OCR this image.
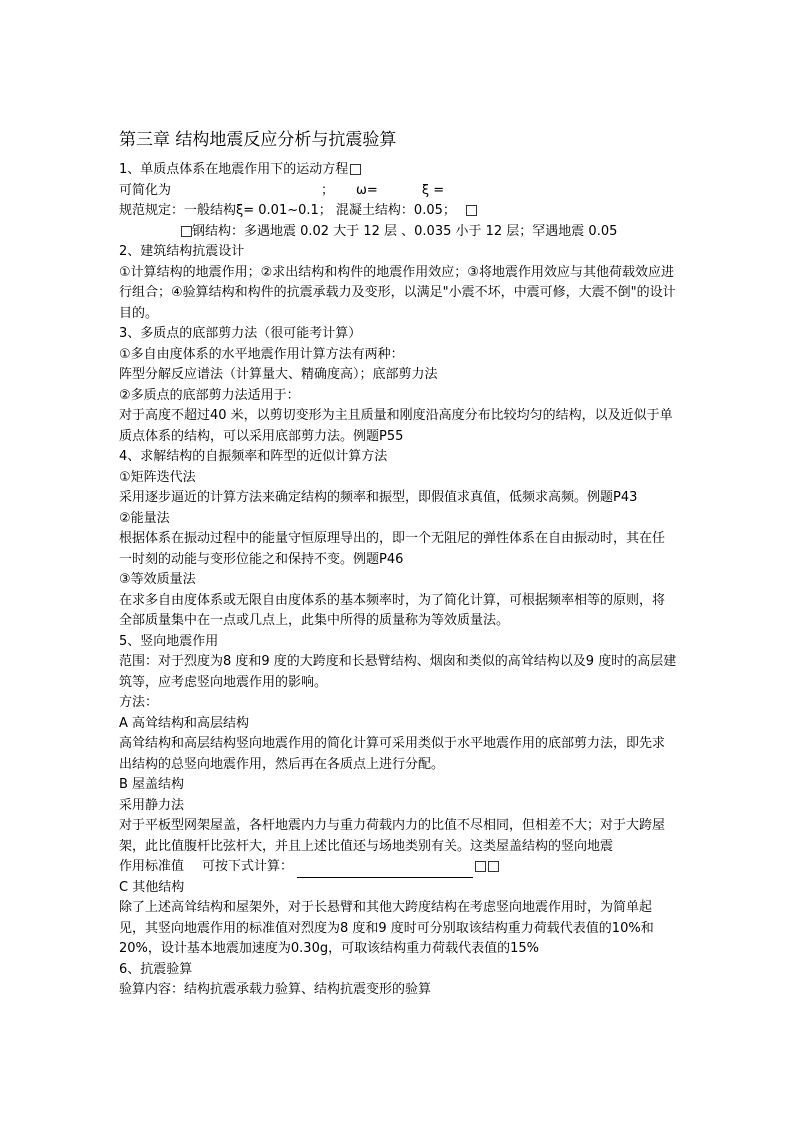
第三章 结构地震反应分析与抗震验算
1、单质点体系在地震作用下的运动方程
可简化为	； ω=	ξ =
规范规定：一般结构ξ= 0.01~0.1； 混凝土结构：0.05；
钢结构：多遇地震 0.02 大于 12 层 、0.035 小于 12 层；罕遇地震 0.05
2、建筑结构抗震设计
①计算结构的地震作用；②求出结构和构件的地震作用效应；③将地震作用效应与其他荷载效应进行组合；④验算结构和构件的抗震承载力及变形，以满足"小震不坏，中震可修，大震不倒"的设计目的。
3、多质点的底部剪力法（很可能考计算）
①多自由度体系的水平地震作用计算方法有两种：
阵型分解反应谱法（计算量大、精确度高）；底部剪力法
②多质点的底部剪力法适用于：
对于高度不超过40 米，以剪切变形为主且质量和刚度沿高度分布比较均匀的结构，以及近似于单质点体系的结构，可以采用底部剪力法。例题P55
4、求解结构的自振频率和阵型的近似计算方法
①矩阵迭代法
采用逐步逼近的计算方法来确定结构的频率和振型，即假值求真值，低频求高频。例题P43
②能量法
根据体系在振动过程中的能量守恒原理导出的，即一个无阻尼的弹性体系在自由振动时，其在任一时刻的动能与变形位能之和保持不变。例题P46
③等效质量法
在求多自由度体系或无限自由度体系的基本频率时，为了简化计算，可根据频率相等的原则，将全部质量集中在一点或几点上，此集中所得的质量称为等效质量法。
5、竖向地震作用
范围：对于烈度为8 度和9 度的大跨度和长悬臂结构、烟囱和类似的高耸结构以及9 度时的高层建筑等，应考虑竖向地震作用的影响。
方法：
A 高耸结构和高层结构
高耸结构和高层结构竖向地震作用的简化计算可采用类似于水平地震作用的底部剪力法，即先求出结构的总竖向地震作用，然后再在各质点上进行分配。
B 屋盖结构
采用静力法
对于平板型网架屋盖，各杆地震内力与重力荷载内力的比值不尽相同，但相差不大；对于大跨屋架，此比值腹杆比弦杆大，并且上述比值还与场地类别有关。这类屋盖结构的竖向地震
作用标准值 可按下式计算：
C 其他结构
除了上述高耸结构和屋架外，对于长悬臂和其他大跨度结构在考虑竖向地震作用时，为简单起见，其竖向地震作用的标准值对烈度为8 度和9 度时可分别取该结构重力荷载代表值的10%和20%，设计基本地震加速度为0.30g，可取该结构重力荷载代表值的15%
6、抗震验算
验算内容：结构抗震承载力验算、结构抗震变形的验算
